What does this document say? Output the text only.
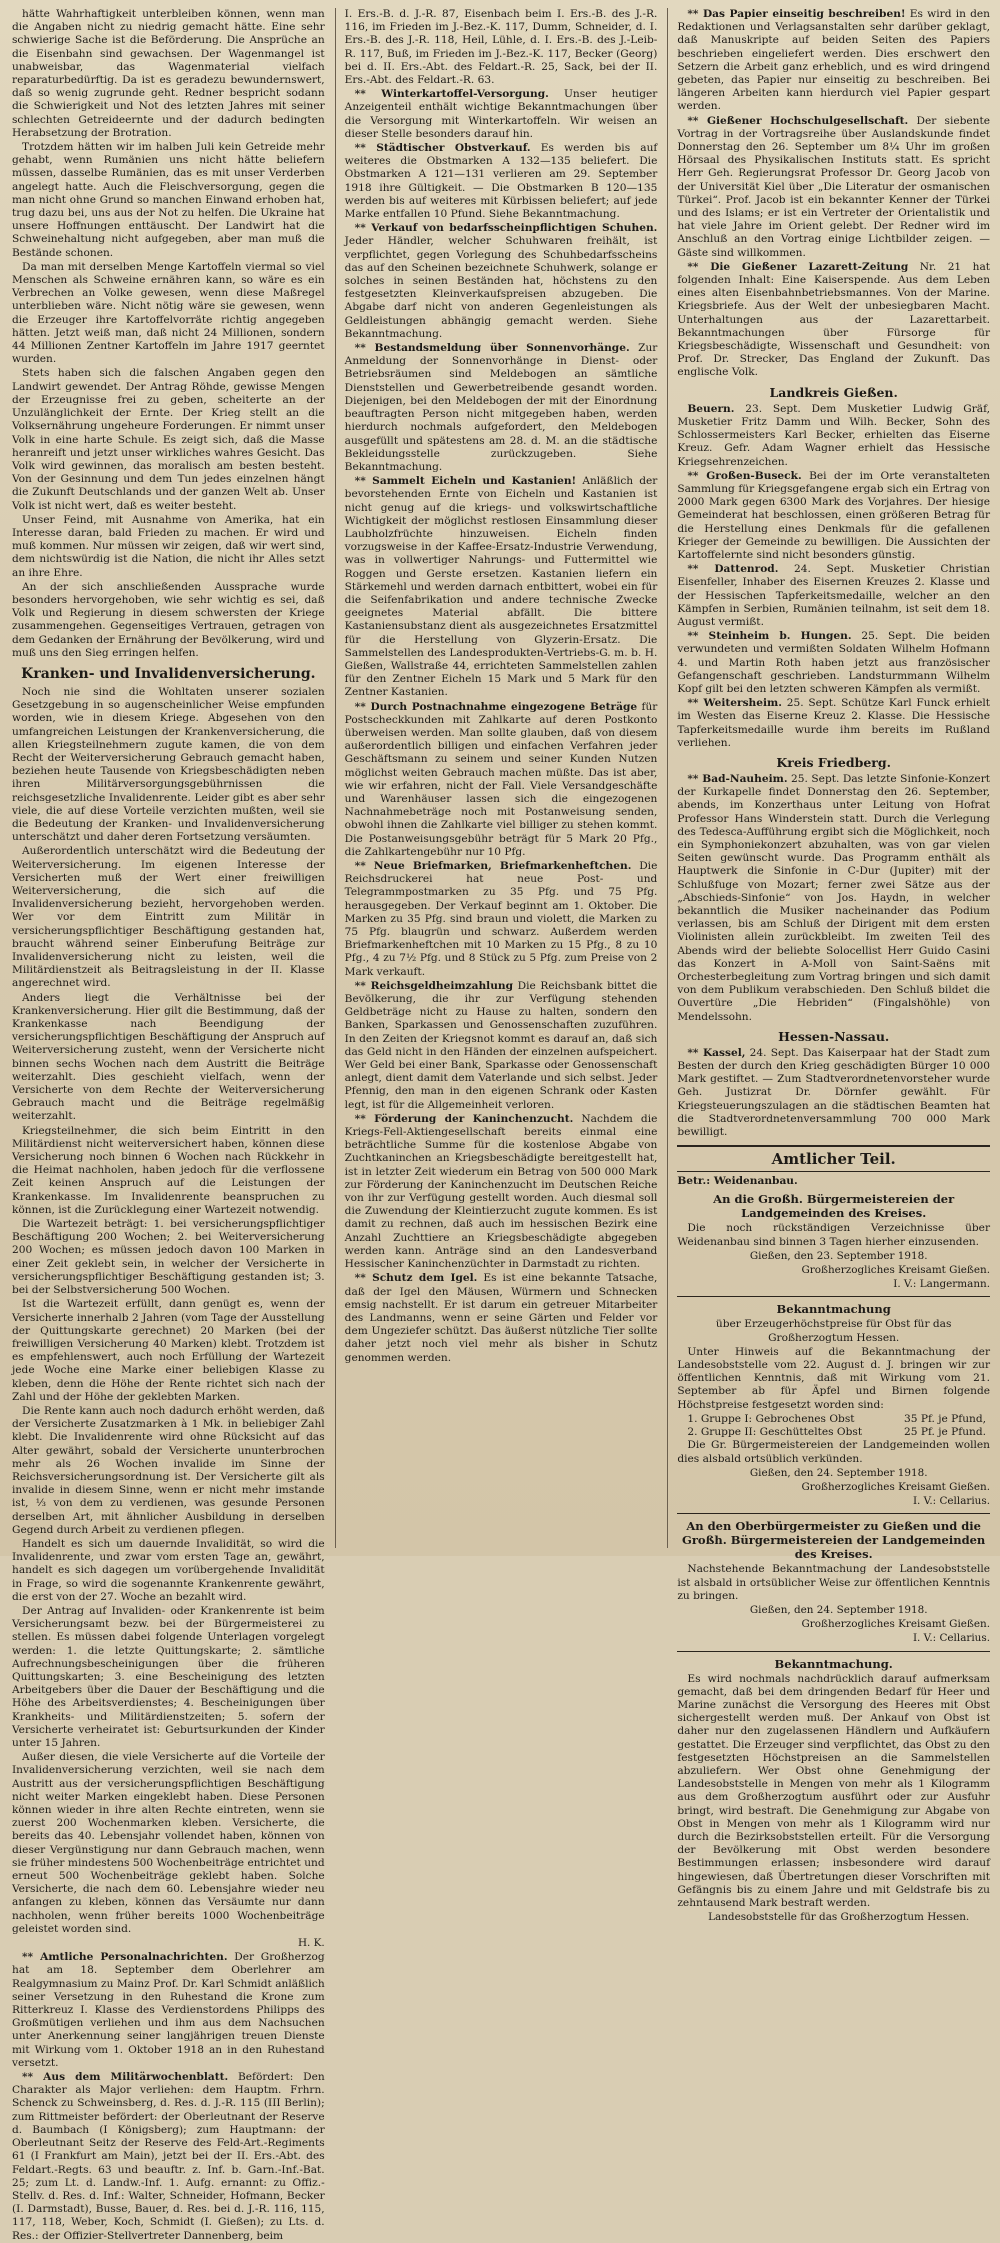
hätte Wahrhaftigkeit unterbleiben können, wenn man die Angaben nicht zu niedrig gemacht hätte. Eine sehr schwierige Sache ist die Beförderung. Die Ansprüche an die Eisenbahn sind gewachsen. Der Wagenmangel ist unabweisbar, das Wagenmaterial vielfach reparaturbedürftig. Da ist es geradezu bewundernswert, daß so wenig zugrunde geht. Redner bespricht sodann die Schwierigkeit und Not des letzten Jahres mit seiner schlechten Getreideernte und der dadurch bedingten Herabsetzung der Brotration.

Trotzdem hätten wir im halben Juli kein Getreide mehr gehabt, wenn Rumänien uns nicht hätte beliefern müssen, dasselbe Rumänien, das es mit unser Verderben angelegt hatte. Auch die Fleischversorgung, gegen die man nicht ohne Grund so manchen Einwand erhoben hat, trug dazu bei, uns aus der Not zu helfen. Die Ukraine hat unsere Hoffnungen enttäuscht. Der Landwirt hat die Schweinehaltung nicht aufgegeben, aber man muß die Bestände schonen.

Da man mit derselben Menge Kartoffeln viermal so viel Menschen als Schweine ernähren kann, so wäre es ein Verbrechen an Volke gewesen, wenn diese Maßregel unterblieben wäre. Nicht nötig wäre sie gewesen, wenn die Erzeuger ihre Kartoffelvorräte richtig angegeben hätten. Jetzt weiß man, daß nicht 24 Millionen, sondern 44 Millionen Zentner Kartoffeln im Jahre 1917 geerntet wurden.

Stets haben sich die falschen Angaben gegen den Landwirt gewendet. Der Antrag Röhde, gewisse Mengen der Erzeugnisse frei zu geben, scheiterte an der Unzulänglichkeit der Ernte. Der Krieg stellt an die Volksernährung ungeheure Forderungen. Er nimmt unser Volk in eine harte Schule. Es zeigt sich, daß die Masse heranreift und jetzt unser wirkliches wahres Gesicht. Das Volk wird gewinnen, das moralisch am besten besteht. Von der Gesinnung und dem Tun jedes einzelnen hängt die Zukunft Deutschlands und der ganzen Welt ab. Unser Volk ist nicht wert, daß es weiter besteht.

Unser Feind, mit Ausnahme von Amerika, hat ein Interesse daran, bald Frieden zu machen. Er wird und muß kommen. Nur müssen wir zeigen, daß wir wert sind, dem nichtswürdig ist die Nation, die nicht ihr Alles setzt an ihre Ehre.

An der sich anschließenden Aussprache wurde besonders hervorgehoben, wie sehr wichtig es sei, daß Volk und Regierung in diesem schwersten der Kriege zusammengehen. Gegenseitiges Vertrauen, getragen von dem Gedanken der Ernährung der Bevölkerung, wird und muß uns den Sieg erringen helfen.

Kranken- und Invalidenversicherung.

Noch nie sind die Wohltaten unserer sozialen Gesetzgebung in so augenscheinlicher Weise empfunden worden, wie in diesem Kriege. Abgesehen von den umfangreichen Leistungen der Krankenversicherung, die allen Kriegsteilnehmern zugute kamen, die von dem Recht der Weiterversicherung Gebrauch gemacht haben, beziehen heute Tausende von Kriegsbeschädigten neben ihren Militärversorgungsgebührnissen die reichsgesetzliche Invalidenrente. Leider gibt es aber sehr viele, die auf diese Vorteile verzichten mußten, weil sie die Bedeutung der Kranken- und Invalidenversicherung unterschätzt und daher deren Fortsetzung versäumten.

Außerordentlich unterschätzt wird die Bedeutung der Weiterversicherung. Im eigenen Interesse der Versicherten muß der Wert einer freiwilligen Weiterversicherung, die sich auf die Invalidenversicherung bezieht, hervorgehoben werden. Wer vor dem Eintritt zum Militär in versicherungspflichtiger Beschäftigung gestanden hat, braucht während seiner Einberufung Beiträge zur Invalidenversicherung nicht zu leisten, weil die Militärdienstzeit als Beitragsleistung in der II. Klasse angerechnet wird.

Anders liegt die Verhältnisse bei der Krankenversicherung. Hier gilt die Bestimmung, daß der Krankenkasse nach Beendigung der versicherungspflichtigen Beschäftigung der Anspruch auf Weiterversicherung zusteht, wenn der Versicherte nicht binnen sechs Wochen nach dem Austritt die Beiträge weiterzahlt. Dies geschieht vielfach, wenn der Versicherte von dem Rechte der Weiterversicherung Gebrauch macht und die Beiträge regelmäßig weiterzahlt.

Kriegsteilnehmer, die sich beim Eintritt in den Militärdienst nicht weiterversichert haben, können diese Versicherung noch binnen 6 Wochen nach Rückkehr in die Heimat nachholen, haben jedoch für die verflossene Zeit keinen Anspruch auf die Leistungen der Krankenkasse. Im Invalidenrente beanspruchen zu können, ist die Zurücklegung einer Wartezeit notwendig.

Die Wartezeit beträgt: 1. bei versicherungspflichtiger Beschäftigung 200 Wochen; 2. bei Weiterversicherung 200 Wochen; es müssen jedoch davon 100 Marken in einer Zeit geklebt sein, in welcher der Versicherte in versicherungspflichtiger Beschäftigung gestanden ist; 3. bei der Selbstversicherung 500 Wochen.

Ist die Wartezeit erfüllt, dann genügt es, wenn der Versicherte innerhalb 2 Jahren (vom Tage der Ausstellung der Quittungskarte gerechnet) 20 Marken (bei der freiwilligen Versicherung 40 Marken) klebt. Trotzdem ist es empfehlenswert, auch noch Erfüllung der Wartezeit jede Woche eine Marke einer beliebigen Klasse zu kleben, denn die Höhe der Rente richtet sich nach der Zahl und der Höhe der geklebten Marken.

Die Rente kann auch noch dadurch erhöht werden, daß der Versicherte Zusatzmarken à 1 Mk. in beliebiger Zahl klebt. Die Invalidenrente wird ohne Rücksicht auf das Alter gewährt, sobald der Versicherte ununterbrochen mehr als 26 Wochen invalide im Sinne der Reichsversicherungsordnung ist. Der Versicherte gilt als invalide in diesem Sinne, wenn er nicht mehr imstande ist, ⅓ von dem zu verdienen, was gesunde Personen derselben Art, mit ähnlicher Ausbildung in derselben Gegend durch Arbeit zu verdienen pflegen.

Handelt es sich um dauernde Invalidität, so wird die Invalidenrente, und zwar vom ersten Tage an, gewährt, handelt es sich dagegen um vorübergehende Invalidität in Frage, so wird die sogenannte Krankenrente gewährt, die erst von der 27. Woche an bezahlt wird.

Der Antrag auf Invaliden- oder Krankenrente ist beim Versicherungsamt bezw. bei der Bürgermeisterei zu stellen. Es müssen dabei folgende Unterlagen vorgelegt werden: 1. die letzte Quittungskarte; 2. sämtliche Aufrechnungsbescheinigungen über die früheren Quittungskarten; 3. eine Bescheinigung des letzten Arbeitgebers über die Dauer der Beschäftigung und die Höhe des Arbeitsverdienstes; 4. Bescheinigungen über Krankheits- und Militärdienstzeiten; 5. sofern der Versicherte verheiratet ist: Geburtsurkunden der Kinder unter 15 Jahren.

Außer diesen, die viele Versicherte auf die Vorteile der Invalidenversicherung verzichten, weil sie nach dem Austritt aus der versicherungspflichtigen Beschäftigung nicht weiter Marken eingeklebt haben. Diese Personen können wieder in ihre alten Rechte eintreten, wenn sie zuerst 200 Wochenmarken kleben. Versicherte, die bereits das 40. Lebensjahr vollendet haben, können von dieser Vergünstigung nur dann Gebrauch machen, wenn sie früher mindestens 500 Wochenbeiträge entrichtet und erneut 500 Wochenbeiträge geklebt haben. Solche Versicherte, die nach dem 60. Lebensjahre wieder neu anfangen zu kleben, können das Versäumte nur dann nachholen, wenn früher bereits 1000 Wochenbeiträge geleistet worden sind.

H. K.

** Amtliche Personalnachrichten. Der Großherzog hat am 18. September dem Oberlehrer am Realgymnasium zu Mainz Prof. Dr. Karl Schmidt anläßlich seiner Versetzung in den Ruhestand die Krone zum Ritterkreuz I. Klasse des Verdienstordens Philipps des Großmütigen verliehen und ihm aus dem Nachsuchen unter Anerkennung seiner langjährigen treuen Dienste mit Wirkung vom 1. Oktober 1918 an in den Ruhestand versetzt.

** Aus dem Militärwochenblatt. Befördert: Den Charakter als Major verliehen: dem Hauptm. Frhrn. Schenck zu Schweinsberg, d. Res. d. J.-R. 115 (III Berlin); zum Rittmeister befördert: der Oberleutnant der Reserve d. Baumbach (I Königsberg); zum Hauptmann: der Oberleutnant Seitz der Reserve des Feld-Art.-Regiments 61 (I Frankfurt am Main), jetzt bei der II. Ers.-Abt. des Feldart.-Regts. 63 und beauftr. z. Inf. b. Garn.-Inf.-Bat. 25; zum Lt. d. Landw.-Inf. 1. Aufg. ernannt: zu Offiz.-Stellv. d. Res. d. Inf.: Walter, Schneider, Hofmann, Becker (I. Darmstadt), Busse, Bauer, d. Res. bei d. J.-R. 116, 115, 117, 118, Weber, Koch, Schmidt (I. Gießen); zu Lts. d. Res.: der Offizier-Stellvertreter Dannenberg, beim

I. Ers.-B. d. J.-R. 87, Eisenbach beim I. Ers.-B. des J.-R. 116, im Frieden im J.-Bez.-K. 117, Dumm, Schneider, d. I. Ers.-B. des J.-R. 118, Heil, Lühle, d. I. Ers.-B. des J.-Leib-R. 117, Buß, im Frieden im J.-Bez.-K. 117, Becker (Georg) bei d. II. Ers.-Abt. des Feldart.-R. 25, Sack, bei der II. Ers.-Abt. des Feldart.-R. 63.

** Winterkartoffel-Versorgung. Unser heutiger Anzeigenteil enthält wichtige Bekanntmachungen über die Versorgung mit Winterkartoffeln. Wir weisen an dieser Stelle besonders darauf hin.

** Städtischer Obstverkauf. Es werden bis auf weiteres die Obstmarken A 132—135 beliefert. Die Obstmarken A 121—131 verlieren am 29. September 1918 ihre Gültigkeit. — Die Obstmarken B 120—135 werden bis auf weiteres mit Kürbissen beliefert; auf jede Marke entfallen 10 Pfund. Siehe Bekanntmachung.

** Verkauf von bedarfsscheinpflichtigen Schuhen. Jeder Händler, welcher Schuhwaren freihält, ist verpflichtet, gegen Vorlegung des Schuhbedarfsscheins das auf den Scheinen bezeichnete Schuhwerk, solange er solches in seinen Beständen hat, höchstens zu den festgesetzten Kleinverkaufspreisen abzugeben. Die Abgabe darf nicht von anderen Gegenleistungen als Geldleistungen abhängig gemacht werden. Siehe Bekanntmachung.

** Bestandsmeldung über Sonnenvorhänge. Zur Anmeldung der Sonnenvorhänge in Dienst- oder Betriebsräumen sind Meldebogen an sämtliche Dienststellen und Gewerbetreibende gesandt worden. Diejenigen, bei den Meldebogen der mit der Einordnung beauftragten Person nicht mitgegeben haben, werden hierdurch nochmals aufgefordert, den Meldebogen ausgefüllt und spätestens am 28. d. M. an die städtische Bekleidungsstelle zurückzugeben. Siehe Bekanntmachung.

** Sammelt Eicheln und Kastanien! Anläßlich der bevorstehenden Ernte von Eicheln und Kastanien ist nicht genug auf die kriegs- und volkswirtschaftliche Wichtigkeit der möglichst restlosen Einsammlung dieser Laubholzfrüchte hinzuweisen. Eicheln finden vorzugsweise in der Kaffee-Ersatz-Industrie Verwendung, was in vollwertiger Nahrungs- und Futtermittel wie Roggen und Gerste ersetzen. Kastanien liefern ein Stärkemehl und werden darnach entbittert, wobei ein für die Seifenfabrikation und andere technische Zwecke geeignetes Material abfällt. Die bittere Kastaniensubstanz dient als ausgezeichnetes Ersatzmittel für die Herstellung von Glyzerin-Ersatz. Die Sammelstellen des Landesprodukten-Vertriebs-G. m. b. H. Gießen, Wallstraße 44, errichteten Sammelstellen zahlen für den Zentner Eicheln 15 Mark und 5 Mark für den Zentner Kastanien.

** Durch Postnachnahme eingezogene Beträge für Postscheckkunden mit Zahlkarte auf deren Postkonto überweisen werden. Man sollte glauben, daß von diesem außerordentlich billigen und einfachen Verfahren jeder Geschäftsmann zu seinem und seiner Kunden Nutzen möglichst weiten Gebrauch machen müßte. Das ist aber, wie wir erfahren, nicht der Fall. Viele Versandgeschäfte und Warenhäuser lassen sich die eingezogenen Nachnahmebeträge noch mit Postanweisung senden, obwohl ihnen die Zahlkarte viel billiger zu stehen kommt. Die Postanweisungsgebühr beträgt für 5 Mark 20 Pfg., die Zahlkartengebühr nur 10 Pfg.

** Neue Briefmarken, Briefmarkenheftchen. Die Reichsdruckerei hat neue Post- und Telegrammpostmarken zu 35 Pfg. und 75 Pfg. herausgegeben. Der Verkauf beginnt am 1. Oktober. Die Marken zu 35 Pfg. sind braun und violett, die Marken zu 75 Pfg. blaugrün und schwarz. Außerdem werden Briefmarkenheftchen mit 10 Marken zu 15 Pfg., 8 zu 10 Pfg., 4 zu 7½ Pfg. und 8 Stück zu 5 Pfg. zum Preise von 2 Mark verkauft.

** Reichsgeldheimzahlung Die Reichsbank bittet die Bevölkerung, die ihr zur Verfügung stehenden Geldbeträge nicht zu Hause zu halten, sondern den Banken, Sparkassen und Genossenschaften zuzuführen. In den Zeiten der Kriegsnot kommt es darauf an, daß sich das Geld nicht in den Händen der einzelnen aufspeichert. Wer Geld bei einer Bank, Sparkasse oder Genossenschaft anlegt, dient damit dem Vaterlande und sich selbst. Jeder Pfennig, den man in den eigenen Schrank oder Kasten legt, ist für die Allgemeinheit verloren.

** Förderung der Kaninchenzucht. Nachdem die Kriegs-Fell-Aktiengesellschaft bereits einmal eine beträchtliche Summe für die kostenlose Abgabe von Zuchtkaninchen an Kriegsbeschädigte bereitgestellt hat, ist in letzter Zeit wiederum ein Betrag von 500 000 Mark zur Förderung der Kaninchenzucht im Deutschen Reiche von ihr zur Verfügung gestellt worden. Auch diesmal soll die Zuwendung der Kleintierzucht zugute kommen. Es ist damit zu rechnen, daß auch im hessischen Bezirk eine Anzahl Zuchttiere an Kriegsbeschädigte abgegeben werden kann. Anträge sind an den Landesverband Hessischer Kaninchenzüchter in Darmstadt zu richten.

** Schutz dem Igel. Es ist eine bekannte Tatsache, daß der Igel den Mäusen, Würmern und Schnecken emsig nachstellt. Er ist darum ein getreuer Mitarbeiter des Landmanns, wenn er seine Gärten und Felder vor dem Ungeziefer schützt. Das äußerst nützliche Tier sollte daher jetzt noch viel mehr als bisher in Schutz genommen werden.

** Das Papier einseitig beschreiben! Es wird in den Redaktionen und Verlagsanstalten sehr darüber geklagt, daß Manuskripte auf beiden Seiten des Papiers beschrieben eingeliefert werden. Dies erschwert den Setzern die Arbeit ganz erheblich, und es wird dringend gebeten, das Papier nur einseitig zu beschreiben. Bei längeren Arbeiten kann hierdurch viel Papier gespart werden.

** Gießener Hochschulgesellschaft. Der siebente Vortrag in der Vortragsreihe über Auslandskunde findet Donnerstag den 26. September um 8¼ Uhr im großen Hörsaal des Physikalischen Instituts statt. Es spricht Herr Geh. Regierungsrat Professor Dr. Georg Jacob von der Universität Kiel über „Die Literatur der osmanischen Türkei“. Prof. Jacob ist ein bekannter Kenner der Türkei und des Islams; er ist ein Vertreter der Orientalistik und hat viele Jahre im Orient gelebt. Der Redner wird im Anschluß an den Vortrag einige Lichtbilder zeigen. — Gäste sind willkommen.

** Die Gießener Lazarett-Zeitung Nr. 21 hat folgenden Inhalt: Eine Kaiserspende. Aus dem Leben eines alten Eisenbahnbetriebsmannes. Von der Marine. Kriegsbriefe. Aus der Welt der unbesiegbaren Macht. Unterhaltungen aus der Lazarettarbeit. Bekanntmachungen über Fürsorge für Kriegsbeschädigte, Wissenschaft und Gesundheit: von Prof. Dr. Strecker, Das England der Zukunft. Das englische Volk.

Landkreis Gießen.

Beuern. 23. Sept. Dem Musketier Ludwig Gräf, Musketier Fritz Damm und Wilh. Becker, Sohn des Schlossermeisters Karl Becker, erhielten das Eiserne Kreuz. Gefr. Adam Wagner erhielt das Hessische Kriegsehrenzeichen.

** Großen-Buseck. Bei der im Orte veranstalteten Sammlung für Kriegsgefangene ergab sich ein Ertrag von 2000 Mark gegen 6300 Mark des Vorjahres. Der hiesige Gemeinderat hat beschlossen, einen größeren Betrag für die Herstellung eines Denkmals für die gefallenen Krieger der Gemeinde zu bewilligen. Die Aussichten der Kartoffelernte sind nicht besonders günstig.

** Dattenrod. 24. Sept. Musketier Christian Eisenfeller, Inhaber des Eisernen Kreuzes 2. Klasse und der Hessischen Tapferkeitsmedaille, welcher an den Kämpfen in Serbien, Rumänien teilnahm, ist seit dem 18. August vermißt.

** Steinheim b. Hungen. 25. Sept. Die beiden verwundeten und vermißten Soldaten Wilhelm Hofmann 4. und Martin Roth haben jetzt aus französischer Gefangenschaft geschrieben. Landsturmmann Wilhelm Kopf gilt bei den letzten schweren Kämpfen als vermißt.

** Weitersheim. 25. Sept. Schütze Karl Funck erhielt im Westen das Eiserne Kreuz 2. Klasse. Die Hessische Tapferkeitsmedaille wurde ihm bereits im Rußland verliehen.

Kreis Friedberg.

** Bad-Nauheim. 25. Sept. Das letzte Sinfonie-Konzert der Kurkapelle findet Donnerstag den 26. September, abends, im Konzerthaus unter Leitung von Hofrat Professor Hans Winderstein statt. Durch die Verlegung des Tedesca-Aufführung ergibt sich die Möglichkeit, noch ein Symphoniekonzert abzuhalten, was von gar vielen Seiten gewünscht wurde. Das Programm enthält als Hauptwerk die Sinfonie in C-Dur (Jupiter) mit der Schlußfuge von Mozart; ferner zwei Sätze aus der „Abschieds-Sinfonie“ von Jos. Haydn, in welcher bekanntlich die Musiker nacheinander das Podium verlassen, bis am Schluß der Dirigent mit dem ersten Violinisten allein zurückbleibt. Im zweiten Teil des Abends wird der beliebte Solocellist Herr Guido Casini das Konzert in A-Moll von Saint-Saëns mit Orchesterbegleitung zum Vortrag bringen und sich damit von dem Publikum verabschieden. Den Schluß bildet die Ouvertüre „Die Hebriden“ (Fingalshöhle) von Mendelssohn.

Hessen-Nassau.

** Kassel, 24. Sept. Das Kaiserpaar hat der Stadt zum Besten der durch den Krieg geschädigten Bürger 10 000 Mark gestiftet. — Zum Stadtverordnetenvorsteher wurde Geh. Justizrat Dr. Dörnfer gewählt. Für Kriegsteuerungszulagen an die städtischen Beamten hat die Stadtverordnetenversammlung 700 000 Mark bewilligt.

Amtlicher Teil.

Betr.: Weidenanbau.

An die Großh. Bürgermeistereien der Landgemeinden des Kreises.

Die noch rückständigen Verzeichnisse über Weidenanbau sind binnen 3 Tagen hierher einzusenden.

Gießen, den 23. September 1918.

Großherzogliches Kreisamt Gießen.

I. V.: Langermann.

Bekanntmachung

über Erzeugerhöchstpreise für Obst für das Großherzogtum Hessen.

Unter Hinweis auf die Bekanntmachung der Landesobststelle vom 22. August d. J. bringen wir zur öffentlichen Kenntnis, daß mit Wirkung vom 21. September ab für Äpfel und Birnen folgende Höchstpreise festgesetzt worden sind:

1. Gruppe I: Gebrochenes Obst	35 Pf. je Pfund,
2. Gruppe II: Geschütteltes Obst	25 Pf. je Pfund.

Die Gr. Bürgermeistereien der Landgemeinden wollen dies alsbald ortsüblich verkünden.

Gießen, den 24. September 1918.

Großherzogliches Kreisamt Gießen.

I. V.: Cellarius.

An den Oberbürgermeister zu Gießen und die Großh. Bürgermeistereien der Landgemeinden des Kreises.

Nachstehende Bekanntmachung der Landesobststelle ist alsbald in ortsüblicher Weise zur öffentlichen Kenntnis zu bringen.

Gießen, den 24. September 1918.

Großherzogliches Kreisamt Gießen.

I. V.: Cellarius.

Bekanntmachung.

Es wird nochmals nachdrücklich darauf aufmerksam gemacht, daß bei dem dringenden Bedarf für Heer und Marine zunächst die Versorgung des Heeres mit Obst sichergestellt werden muß. Der Ankauf von Obst ist daher nur den zugelassenen Händlern und Aufkäufern gestattet. Die Erzeuger sind verpflichtet, das Obst zu den festgesetzten Höchstpreisen an die Sammelstellen abzuliefern. Wer Obst ohne Genehmigung der Landesobststelle in Mengen von mehr als 1 Kilogramm aus dem Großherzogtum ausführt oder zur Ausfuhr bringt, wird bestraft. Die Genehmigung zur Abgabe von Obst in Mengen von mehr als 1 Kilogramm wird nur durch die Bezirksobststellen erteilt. Für die Versorgung der Bevölkerung mit Obst werden besondere Bestimmungen erlassen; insbesondere wird darauf hingewiesen, daß Übertretungen dieser Vorschriften mit Gefängnis bis zu einem Jahre und mit Geldstrafe bis zu zehntausend Mark bestraft werden.

Landesobststelle für das Großherzogtum Hessen.
